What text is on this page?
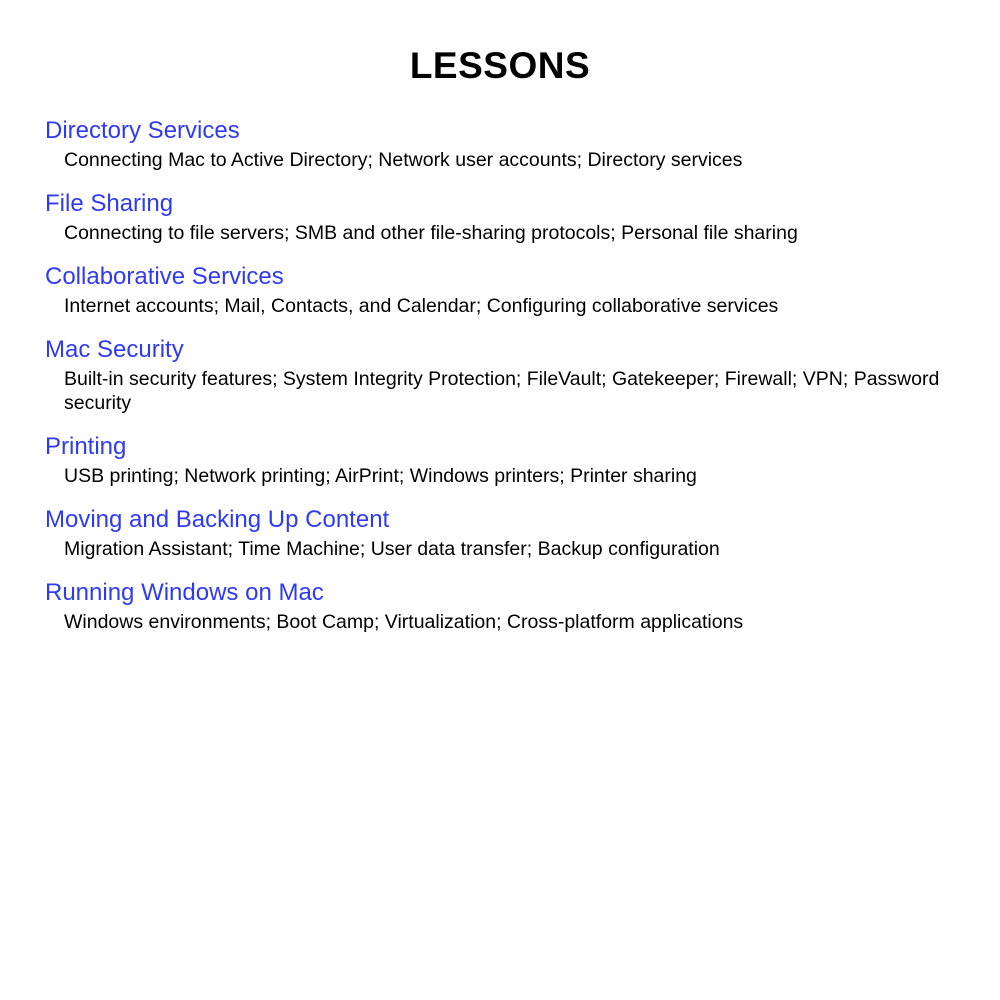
LESSONS
Directory Services
Connecting Mac to Active Directory; Network user accounts; Directory services
File Sharing
Connecting to file servers; SMB and other file-sharing protocols; Personal file sharing
Collaborative Services
Internet accounts; Mail, Contacts, and Calendar; Configuring collaborative services
Mac Security
Built-in security features; System Integrity Protection; FileVault; Gatekeeper; Firewall; VPN; Password security
Printing
USB printing; Network printing; AirPrint; Windows printers; Printer sharing
Moving and Backing Up Content
Migration Assistant; Time Machine; User data transfer; Backup configuration
Running Windows on Mac
Windows environments; Boot Camp; Virtualization; Cross-platform applications
